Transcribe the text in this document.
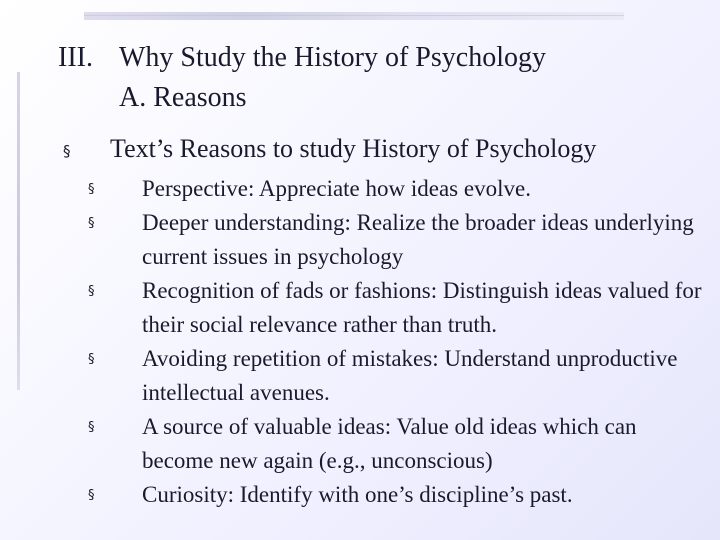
III. Why Study the History of Psychology
A. Reasons
§ Text’s Reasons to study History of Psychology
§ Perspective: Appreciate how ideas evolve.
§ Deeper understanding: Realize the broader ideas underlying current issues in psychology
§ Recognition of fads or fashions: Distinguish ideas valued for their social relevance rather than truth.
§ Avoiding repetition of mistakes: Understand unproductive intellectual avenues.
§ A source of valuable ideas: Value old ideas which can become new again (e.g., unconscious)
§ Curiosity: Identify with one’s discipline’s past.
